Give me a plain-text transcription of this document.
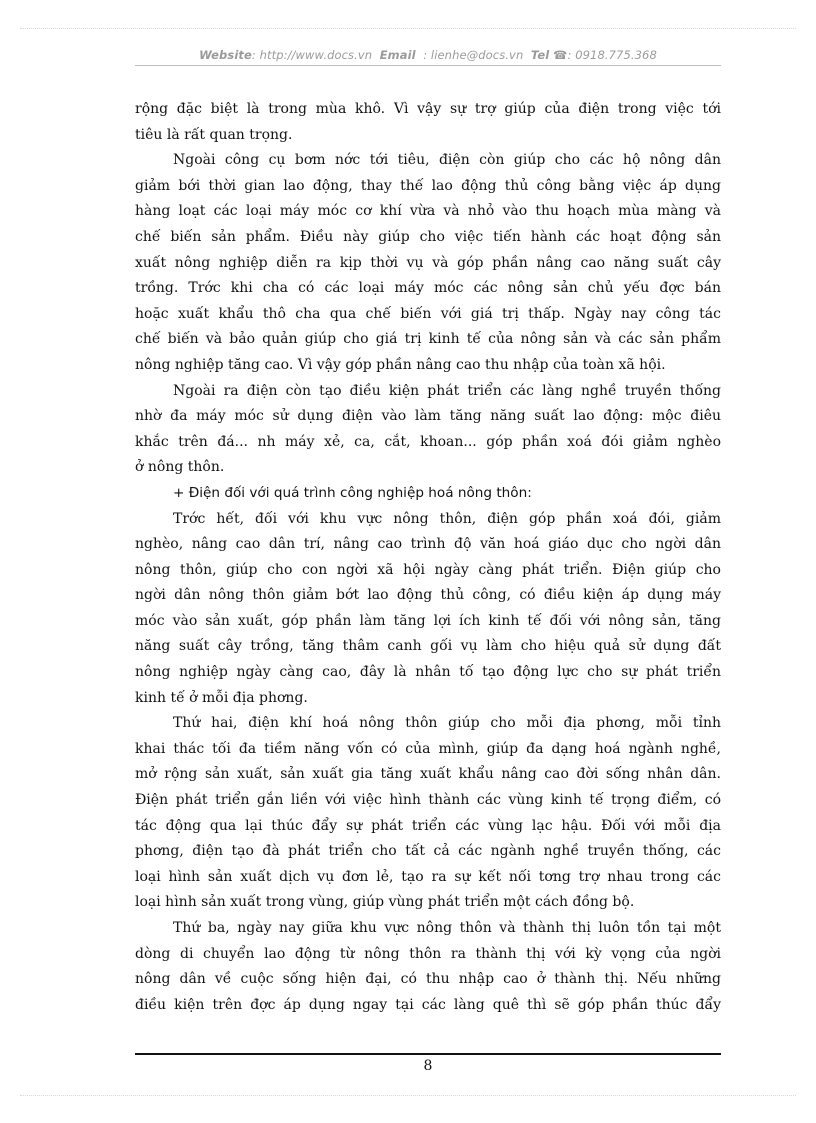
Website: http://www.docs.vn Email : lienhe@docs.vn Tel ☎: 0918.775.368
rộng đặc biệt là trong mùa khô. Vì vậy sự trợ giúp của điện trong việc tới
tiêu là rất quan trọng.
Ngoài công cụ bơm nớc tới tiêu, điện còn giúp cho các hộ nông dân
giảm bới thời gian lao động, thay thế lao động thủ công bằng việc áp dụng
hàng loạt các loại máy móc cơ khí vừa và nhỏ vào thu hoạch mùa màng và
chế biến sản phẩm. Điều này giúp cho việc tiến hành các hoạt động sản
xuất nông nghiệp diễn ra kịp thời vụ và góp phần nâng cao năng suất cây
trồng. Trớc khi cha có các loại máy móc các nông sản chủ yếu đợc bán
hoặc xuất khẩu thô cha qua chế biến với giá trị thấp. Ngày nay công tác
chế biến và bảo quản giúp cho giá trị kinh tế của nông sản và các sản phẩm
nông nghiệp tăng cao. Vì vậy góp phần nâng cao thu nhập của toàn xã hội.
Ngoài ra điện còn tạo điều kiện phát triển các làng nghề truyền thống
nhờ đa máy móc sử dụng điện vào làm tăng năng suất lao động: mộc điêu
khắc trên đá... nh máy xẻ, ca, cắt, khoan... góp phần xoá đói giảm nghèo
ở nông thôn.
+ Điện đối với quá trình công nghiệp hoá nông thôn:
Trớc hết, đối với khu vực nông thôn, điện góp phần xoá đói, giảm
nghèo, nâng cao dân trí, nâng cao trình độ văn hoá giáo dục cho ngời dân
nông thôn, giúp cho con ngời xã hội ngày càng phát triển. Điện giúp cho
ngời dân nông thôn giảm bớt lao động thủ công, có điều kiện áp dụng máy
móc vào sản xuất, góp phần làm tăng lợi ích kinh tế đối với nông sản, tăng
năng suất cây trồng, tăng thâm canh gối vụ làm cho hiệu quả sử dụng đất
nông nghiệp ngày càng cao, đây là nhân tố tạo động lực cho sự phát triển
kinh tế ở mỗi địa phơng.
Thứ hai, điện khí hoá nông thôn giúp cho mỗi địa phơng, mỗi tỉnh
khai thác tối đa tiềm năng vốn có của mình, giúp đa dạng hoá ngành nghề,
mở rộng sản xuất, sản xuất gia tăng xuất khẩu nâng cao đời sống nhân dân.
Điện phát triển gắn liền với việc hình thành các vùng kinh tế trọng điểm, có
tác động qua lại thúc đẩy sự phát triển các vùng lạc hậu. Đối với mỗi địa
phơng, điện tạo đà phát triển cho tất cả các ngành nghề truyền thống, các
loại hình sản xuất dịch vụ đơn lẻ, tạo ra sự kết nối tơng trợ nhau trong các
loại hình sản xuất trong vùng, giúp vùng phát triển một cách đồng bộ.
Thứ ba, ngày nay giữa khu vực nông thôn và thành thị luôn tồn tại một
dòng di chuyển lao động từ nông thôn ra thành thị với kỳ vọng của ngời
nông dân về cuộc sống hiện đại, có thu nhập cao ở thành thị. Nếu những
điều kiện trên đợc áp dụng ngay tại các làng quê thì sẽ góp phần thúc đẩy
8
